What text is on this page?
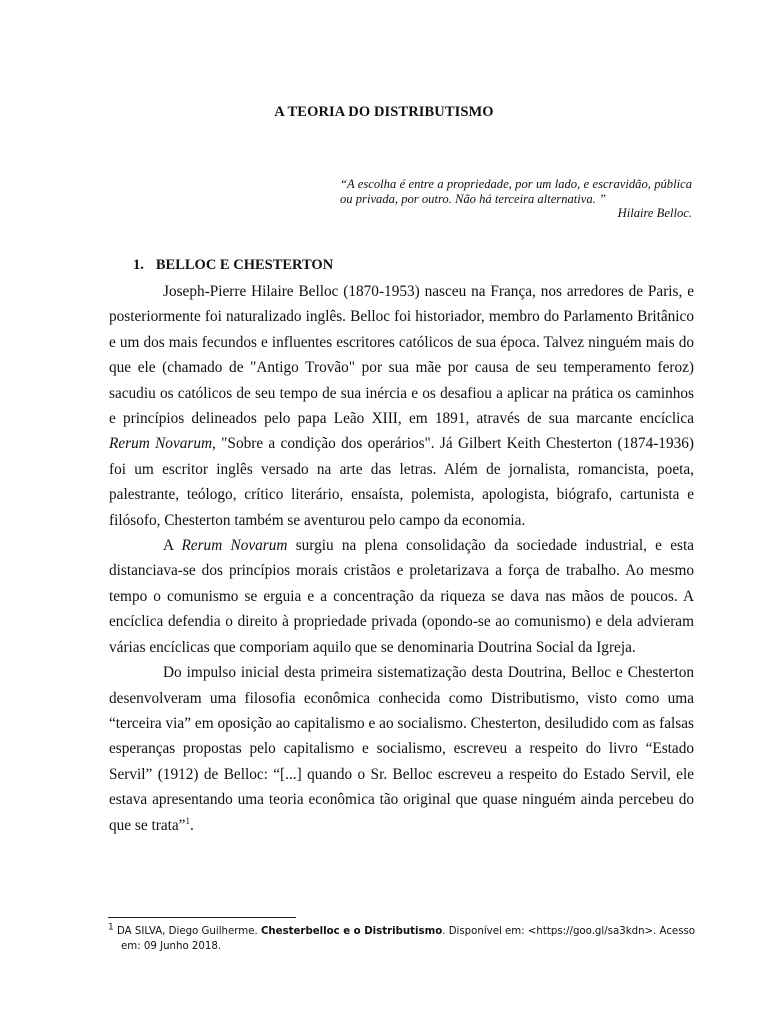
A TEORIA DO DISTRIBUTISMO
“A escolha é entre a propriedade, por um lado, e escravidão, pública ou privada, por outro. Não há terceira alternativa. ”
Hilaire Belloc.
1. BELLOC E CHESTERTON

Joseph-Pierre Hilaire Belloc (1870-1953) nasceu na França, nos arredores de Paris, e posteriormente foi naturalizado inglês. Belloc foi historiador, membro do Parlamento Britânico e um dos mais fecundos e influentes escritores católicos de sua época. Talvez ninguém mais do que ele (chamado de "Antigo Trovão" por sua mãe por causa de seu temperamento feroz) sacudiu os católicos de seu tempo de sua inércia e os desafiou a aplicar na prática os caminhos e princípios delineados pelo papa Leão XIII, em 1891, através de sua marcante encíclica Rerum Novarum, "Sobre a condição dos operários". Já Gilbert Keith Chesterton (1874-1936) foi um escritor inglês versado na arte das letras. Além de jornalista, romancista, poeta, palestrante, teólogo, crítico literário, ensaísta, polemista, apologista, biógrafo, cartunista e filósofo, Chesterton também se aventurou pelo campo da economia.

A Rerum Novarum surgiu na plena consolidação da sociedade industrial, e esta distanciava-se dos princípios morais cristãos e proletarizava a força de trabalho. Ao mesmo tempo o comunismo se erguia e a concentração da riqueza se dava nas mãos de poucos. A encíclica defendia o direito à propriedade privada (opondo-se ao comunismo) e dela advieram várias encíclicas que comporiam aquilo que se denominaria Doutrina Social da Igreja.

Do impulso inicial desta primeira sistematização desta Doutrina, Belloc e Chesterton desenvolveram uma filosofia econômica conhecida como Distributismo, visto como uma “terceira via” em oposição ao capitalismo e ao socialismo. Chesterton, desiludido com as falsas esperanças propostas pelo capitalismo e socialismo, escreveu a respeito do livro “Estado Servil” (1912) de Belloc: “[...] quando o Sr. Belloc escreveu a respeito do Estado Servil, ele estava apresentando uma teoria econômica tão original que quase ninguém ainda percebeu do que se trata”$^1$.

$^1$ DA SILVA, Diego Guilherme. Chesterbelloc e o Distributismo. Disponível em: <https://goo.gl/sa3kdn>. Acesso em: 09 Junho 2018.
